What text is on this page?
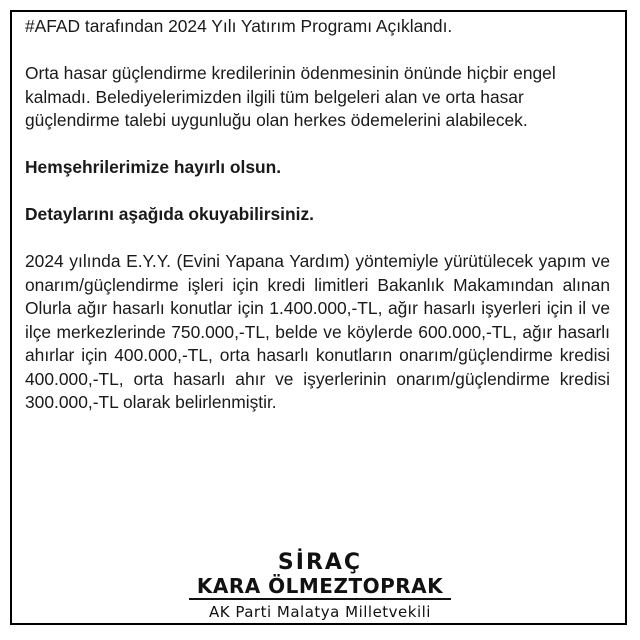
#AFAD tarafından 2024 Yılı Yatırım Programı Açıklandı.

Orta hasar güçlendirme kredilerinin ödenmesinin önünde hiçbir engel kalmadı. Belediyelerimizden ilgili tüm belgeleri alan ve orta hasar güçlendirme talebi uygunluğu olan herkes ödemelerini alabilecek.

Hemşehrilerimize hayırlı olsun.

Detaylarını aşağıda okuyabilirsiniz.

2024 yılında E.Y.Y. (Evini Yapana Yardım) yöntemiyle yürütülecek yapım ve onarım/güçlendirme işleri için kredi limitleri Bakanlık Makamından alınan Olurla ağır hasarlı konutlar için 1.400.000,-TL, ağır hasarlı işyerleri için il ve ilçe merkezlerinde 750.000,-TL, belde ve köylerde 600.000,-TL, ağır hasarlı ahırlar için 400.000,-TL, orta hasarlı konutların onarım/güçlendirme kredisi 400.000,-TL, orta hasarlı ahır ve işyerlerinin onarım/güçlendirme kredisi 300.000,-TL olarak belirlenmiştir.

SİRAÇ
KARA ÖLMEZTOPRAK
AK Parti Malatya Milletvekili
